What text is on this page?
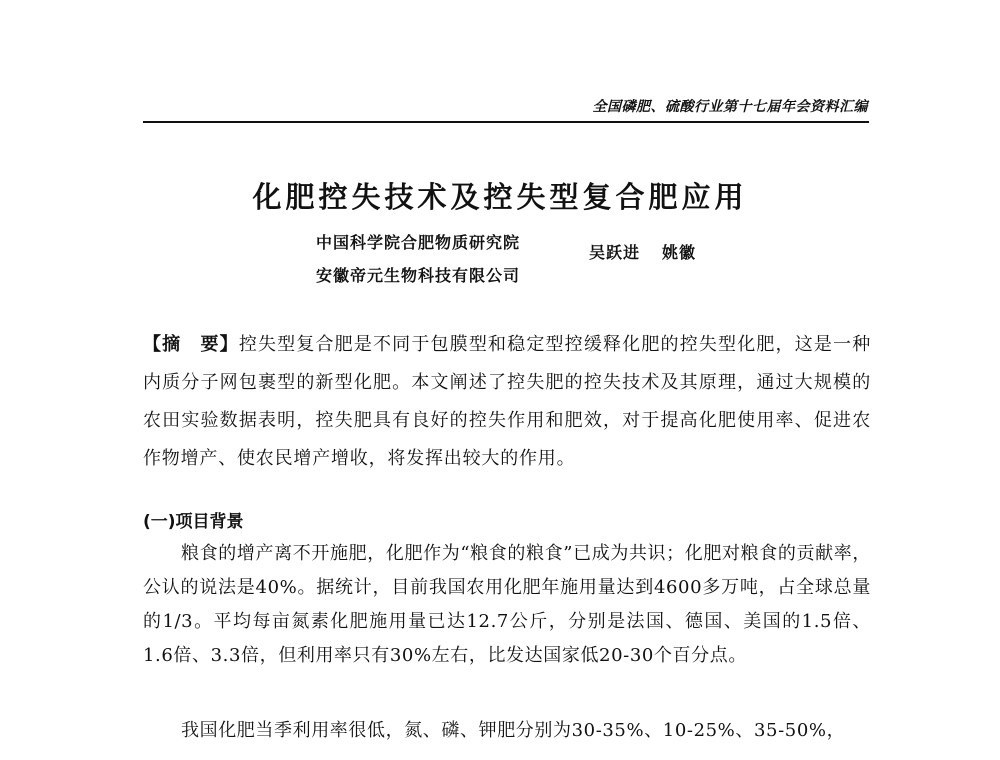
全国磷肥、硫酸行业第十七届年会资料汇编
化肥控失技术及控失型复合肥应用
中国科学院合肥物质研究院
安徽帝元生物科技有限公司
吴跃进 姚徽
【摘　要】控失型复合肥是不同于包膜型和稳定型控缓释化肥的控失型化肥，这是一种内质分子网包裹型的新型化肥。本文阐述了控失肥的控失技术及其原理，通过大规模的农田实验数据表明，控失肥具有良好的控失作用和肥效，对于提高化肥使用率、促进农作物增产、使农民增产增收，将发挥出较大的作用。
(一)项目背景

粮食的增产离不开施肥，化肥作为“粮食的粮食”已成为共识；化肥对粮食的贡献率，公认的说法是40%。据统计，目前我国农用化肥年施用量达到4600多万吨，占全球总量的1/3。平均每亩氮素化肥施用量已达12.7公斤，分别是法国、德国、美国的1.5倍、1.6倍、3.3倍，但利用率只有30%左右，比发达国家低20-30个百分点。

我国化肥当季利用率很低，氮、磷、钾肥分别为30-35%、10-25%、35-50%，
